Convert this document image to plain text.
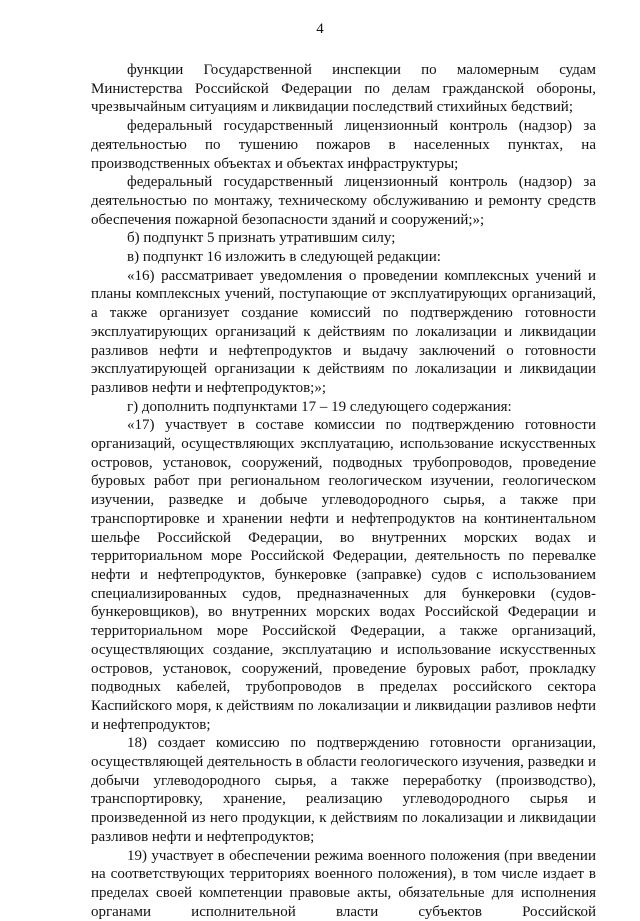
4

функции Государственной инспекции по маломерным судам Министерства Российской Федерации по делам гражданской обороны, чрезвычайным ситуациям и ликвидации последствий стихийных бедствий;

федеральный государственный лицензионный контроль (надзор) за деятельностью по тушению пожаров в населенных пунктах, на производственных объектах и объектах инфраструктуры;

федеральный государственный лицензионный контроль (надзор) за деятельностью по монтажу, техническому обслуживанию и ремонту средств обеспечения пожарной безопасности зданий и сооружений;»;

б) подпункт 5 признать утратившим силу;

в) подпункт 16 изложить в следующей редакции:

«16) рассматривает уведомления о проведении комплексных учений и планы комплексных учений, поступающие от эксплуатирующих организаций, а также организует создание комиссий по подтверждению готовности эксплуатирующих организаций к действиям по локализации и ликвидации разливов нефти и нефтепродуктов и выдачу заключений о готовности эксплуатирующей организации к действиям по локализации и ликвидации разливов нефти и нефтепродуктов;»;

г) дополнить подпунктами 17 – 19 следующего содержания:

«17) участвует в составе комиссии по подтверждению готовности организаций, осуществляющих эксплуатацию, использование искусственных островов, установок, сооружений, подводных трубопроводов, проведение буровых работ при региональном геологическом изучении, геологическом изучении, разведке и добыче углеводородного сырья, а также при транспортировке и хранении нефти и нефтепродуктов на континентальном шельфе Российской Федерации, во внутренних морских водах и территориальном море Российской Федерации, деятельность по перевалке нефти и нефтепродуктов, бункеровке (заправке) судов с использованием специализированных судов, предназначенных для бункеровки (судов-бункеровщиков), во внутренних морских водах Российской Федерации и территориальном море Российской Федерации, а также организаций, осуществляющих создание, эксплуатацию и использование искусственных островов, установок, сооружений, проведение буровых работ, прокладку подводных кабелей, трубопроводов в пределах российского сектора Каспийского моря, к действиям по локализации и ликвидации разливов нефти и нефтепродуктов;

18) создает комиссию по подтверждению готовности организации, осуществляющей деятельность в области геологического изучения, разведки и добычи углеводородного сырья, а также переработку (производство), транспортировку, хранение, реализацию углеводородного сырья и произведенной из него продукции, к действиям по локализации и ликвидации разливов нефти и нефтепродуктов;

19) участвует в обеспечении режима военного положения (при введении на соответствующих территориях военного положения), в том числе издает в пределах своей компетенции правовые акты, обязательные для исполнения органами исполнительной власти субъектов Российской
